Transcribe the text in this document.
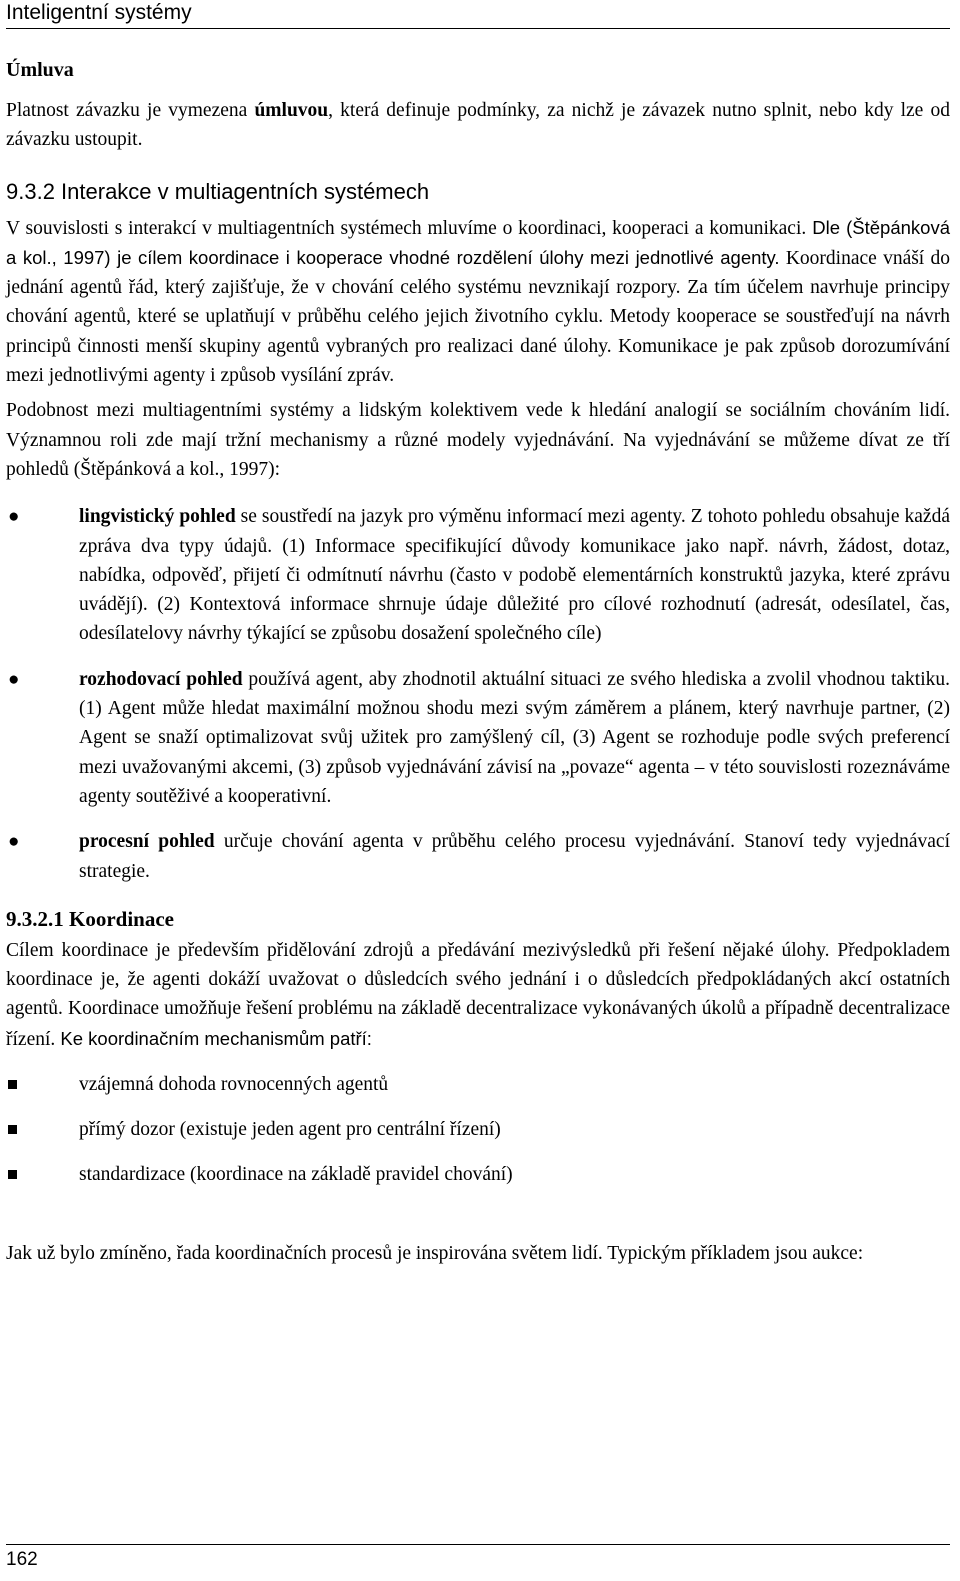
Inteligentní systémy
Úmluva

Platnost závazku je vymezena úmluvou, která definuje podmínky, za nichž je závazek nutno splnit, nebo kdy lze od závazku ustoupit.

9.3.2 Interakce v multiagentních systémech

V souvislosti s interakcí v multiagentních systémech mluvíme o koordinaci, kooperaci a komunikaci. Dle (Štěpánková a kol., 1997) je cílem koordinace i kooperace vhodné rozdělení úlohy mezi jednotlivé agenty. Koordinace vnáší do jednání agentů řád, který zajišťuje, že v chování celého systému nevznikají rozpory. Za tím účelem navrhuje principy chování agentů, které se uplatňují v průběhu celého jejich životního cyklu. Metody kooperace se soustřeďují na návrh principů činnosti menší skupiny agentů vybraných pro realizaci dané úlohy. Komunikace je pak způsob dorozumívání mezi jednotlivými agenty i způsob vysílání zpráv.

Podobnost mezi multiagentními systémy a lidským kolektivem vede k hledání analogií se sociálním chováním lidí. Významnou roli zde mají tržní mechanismy a různé modely vyjednávání. Na vyjednávání se můžeme dívat ze tří pohledů (Štěpánková a kol., 1997):

●	lingvistický pohled se soustředí na jazyk pro výměnu informací mezi agenty. Z tohoto pohledu obsahuje každá zpráva dva typy údajů. (1) Informace specifikující důvody komunikace jako např. návrh, žádost, dotaz, nabídka, odpověď, přijetí či odmítnutí návrhu (často v podobě elementárních konstruktů jazyka, které zprávu uvádějí). (2) Kontextová informace shrnuje údaje důležité pro cílové rozhodnutí (adresát, odesílatel, čas, odesílatelovy návrhy týkající se způsobu dosažení společného cíle)
●	rozhodovací pohled používá agent, aby zhodnotil aktuální situaci ze svého hlediska a zvolil vhodnou taktiku. (1) Agent může hledat maximální možnou shodu mezi svým záměrem a plánem, který navrhuje partner, (2) Agent se snaží optimalizovat svůj užitek pro zamýšlený cíl, (3) Agent se rozhoduje podle svých preferencí mezi uvažovanými akcemi, (3) způsob vyjednávání závisí na „povaze“ agenta – v této souvislosti rozeznáváme agenty soutěživé a kooperativní.
●	procesní pohled určuje chování agenta v průběhu celého procesu vyjednávání. Stanoví tedy vyjednávací strategie.
9.3.2.1 Koordinace

Cílem koordinace je především přidělování zdrojů a předávání mezivýsledků při řešení nějaké úlohy. Předpokladem koordinace je, že agenti dokáží uvažovat o důsledcích svého jednání i o důsledcích předpokládaných akcí ostatních agentů. Koordinace umožňuje řešení problému na základě decentralizace vykonávaných úkolů a případně decentralizace řízení. Ke koordinačním mechanismům patří:

vzájemná dohoda rovnocenných agentů
přímý dozor (existuje jeden agent pro centrální řízení)
standardizace (koordinace na základě pravidel chování)

Jak už bylo zmíněno, řada koordinačních procesů je inspirována světem lidí. Typickým příkladem jsou aukce:

162
